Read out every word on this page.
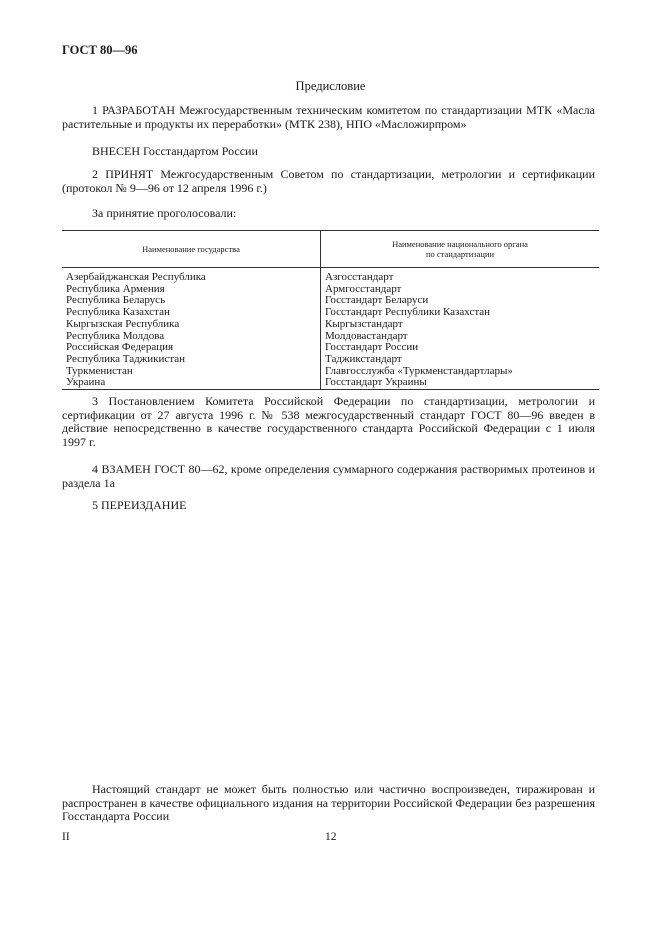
ГОСТ 80—96
Предисловие
1 РАЗРАБОТАН Межгосударственным техническим комитетом по стандартизации МТК «Масла растительные и продукты их переработки» (МТК 238), НПО «Масложирпром»
ВНЕСЕН Госстандартом России
2 ПРИНЯТ Межгосударственным Советом по стандартизации, метрологии и сертификации (протокол № 9—96 от 12 апреля 1996 г.)
За принятие проголосовали:
Наименование государства	Наименование национального органа
по стандартизации
Азербайджанская Республика	Азгосстандарт
Республика Армения	Армгосстандарт
Республика Беларусь	Госстандарт Беларуси
Республика Казахстан	Госстандарт Республики Казахстан
Кыргызская Республика	Кыргызстандарт
Республика Молдова	Молдовастандарт
Российская Федерация	Госстандарт России
Республика Таджикистан	Таджикстандарт
Туркменистан	Главгосслужба «Туркменстандартлары»
Украина	Госстандарт Украины
3 Постановлением Комитета Российской Федерации по стандартизации, метрологии и сертификации от 27 августа 1996 г. № 538 межгосударственный стандарт ГОСТ 80—96 введен в действие непосредственно в качестве государственного стандарта Российской Федерации с 1 июля 1997 г.
4 ВЗАМЕН ГОСТ 80—62, кроме определения суммарного содержания растворимых протеинов и раздела 1а
5 ПЕРЕИЗДАНИЕ
Настоящий стандарт не может быть полностью или частично воспроизведен, тиражирован и распространен в качестве официального издания на территории Российской Федерации без разрешения Госстандарта России
II	12
